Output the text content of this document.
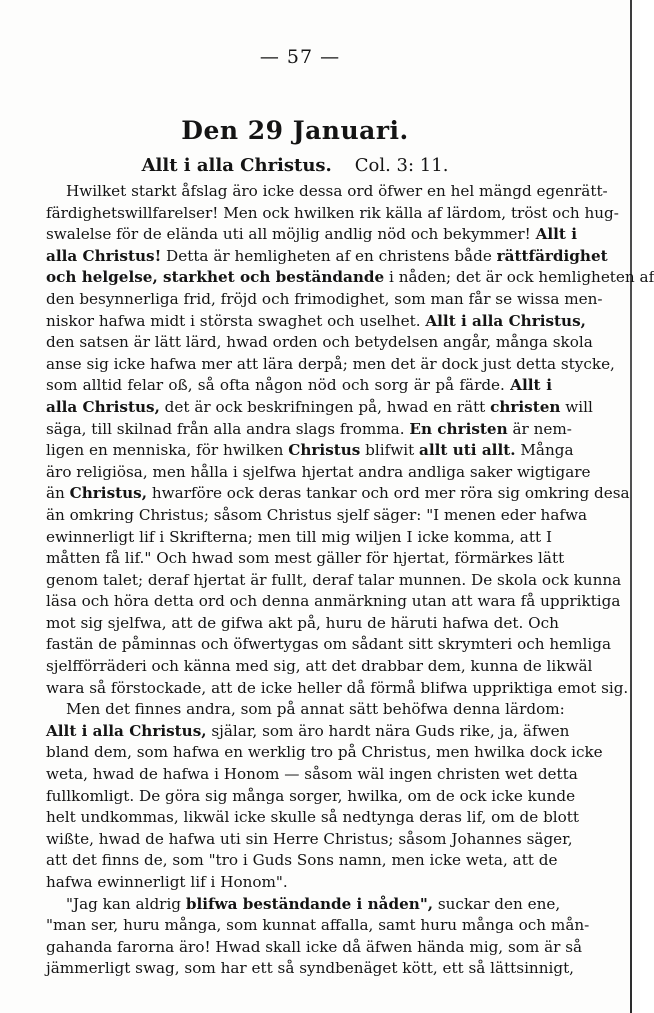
— 57 —
Den 29 Januari.
Allt i alla Christus. Col. 3: 11.
Hwilket starkt åfslag äro icke dessa ord öfwer en hel mängd egenrätt-
färdighetswillfarelser! Men ock hwilken rik källa af lärdom, tröst och hug-
swalelse för de elända uti all möjlig andlig nöd och bekymmer! Allt i
alla Christus! Detta är hemligheten af en christens både rättfärdighet
och helgelse, starkhet och beständande i nåden; det är ock hemligheten af
den besynnerliga frid, fröjd och frimodighet, som man får se wissa men-
niskor hafwa midt i största swaghet och uselhet. Allt i alla Christus,
den satsen är lätt lärd, hwad orden och betydelsen angår, många skola
anse sig icke hafwa mer att lära derpå; men det är dock just detta stycke,
som alltid felar oß, så ofta någon nöd och sorg är på färde. Allt i
alla Christus, det är ock beskrifningen på, hwad en rätt christen will
säga, till skilnad från alla andra slags fromma. En christen är nem-
ligen en menniska, för hwilken Christus blifwit allt uti allt. Många
äro religiösa, men hålla i sjelfwa hjertat andra andliga saker wigtigare
än Christus, hwarföre ock deras tankar och ord mer röra sig omkring desa
än omkring Christus; såsom Christus sjelf säger: "I menen eder hafwa
ewinnerligt lif i Skrifterna; men till mig wiljen I icke komma, att I
måtten få lif." Och hwad som mest gäller för hjertat, förmärkes lätt
genom talet; deraf hjertat är fullt, deraf talar munnen. De skola ock kunna
läsa och höra detta ord och denna anmärkning utan att wara få uppriktiga
mot sig sjelfwa, att de gifwa akt på, huru de häruti hafwa det. Och
fastän de påminnas och öfwertygas om sådant sitt skrymteri och hemliga
sjelfförräderi och känna med sig, att det drabbar dem, kunna de likwäl
wara så förstockade, att de icke heller då förmå blifwa uppriktiga emot sig.
Men det finnes andra, som på annat sätt behöfwa denna lärdom:
Allt i alla Christus, själar, som äro hardt nära Guds rike, ja, äfwen
bland dem, som hafwa en werklig tro på Christus, men hwilka dock icke
weta, hwad de hafwa i Honom — såsom wäl ingen christen wet detta
fullkomligt. De göra sig många sorger, hwilka, om de ock icke kunde
helt undkommas, likwäl icke skulle så nedtynga deras lif, om de blott
wißte, hwad de hafwa uti sin Herre Christus; såsom Johannes säger,
att det finns de, som "tro i Guds Sons namn, men icke weta, att de
hafwa ewinnerligt lif i Honom".
"Jag kan aldrig blifwa beständande i nåden", suckar den ene,
"man ser, huru många, som kunnat affalla, samt huru många och mån-
gahanda farorna äro! Hwad skall icke då äfwen hända mig, som är så
jämmerligt swag, som har ett så syndbenäget kött, ett så lättsinnigt,
